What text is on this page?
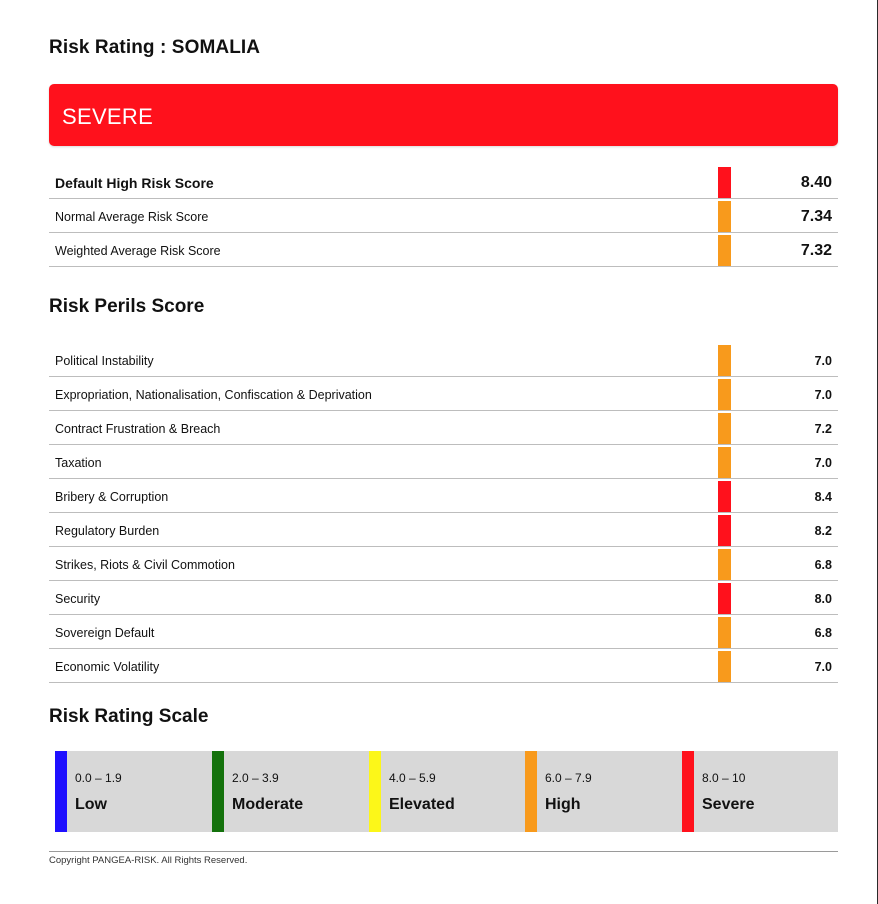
Risk Rating : SOMALIA
SEVERE
Default High Risk Score	8.40
Normal Average Risk Score	7.34
Weighted Average Risk Score	7.32
Risk Perils Score
Political Instability	7.0
Expropriation, Nationalisation, Confiscation & Deprivation	7.0
Contract Frustration & Breach	7.2
Taxation	7.0
Bribery & Corruption	8.4
Regulatory Burden	8.2
Strikes, Riots & Civil Commotion	6.8
Security	8.0
Sovereign Default	6.8
Economic Volatility	7.0
Risk Rating Scale
0.0 – 1.9
Low
2.0 – 3.9
Moderate
4.0 – 5.9
Elevated
6.0 – 7.9
High
8.0 – 10
Severe
Copyright PANGEA-RISK. All Rights Reserved.
